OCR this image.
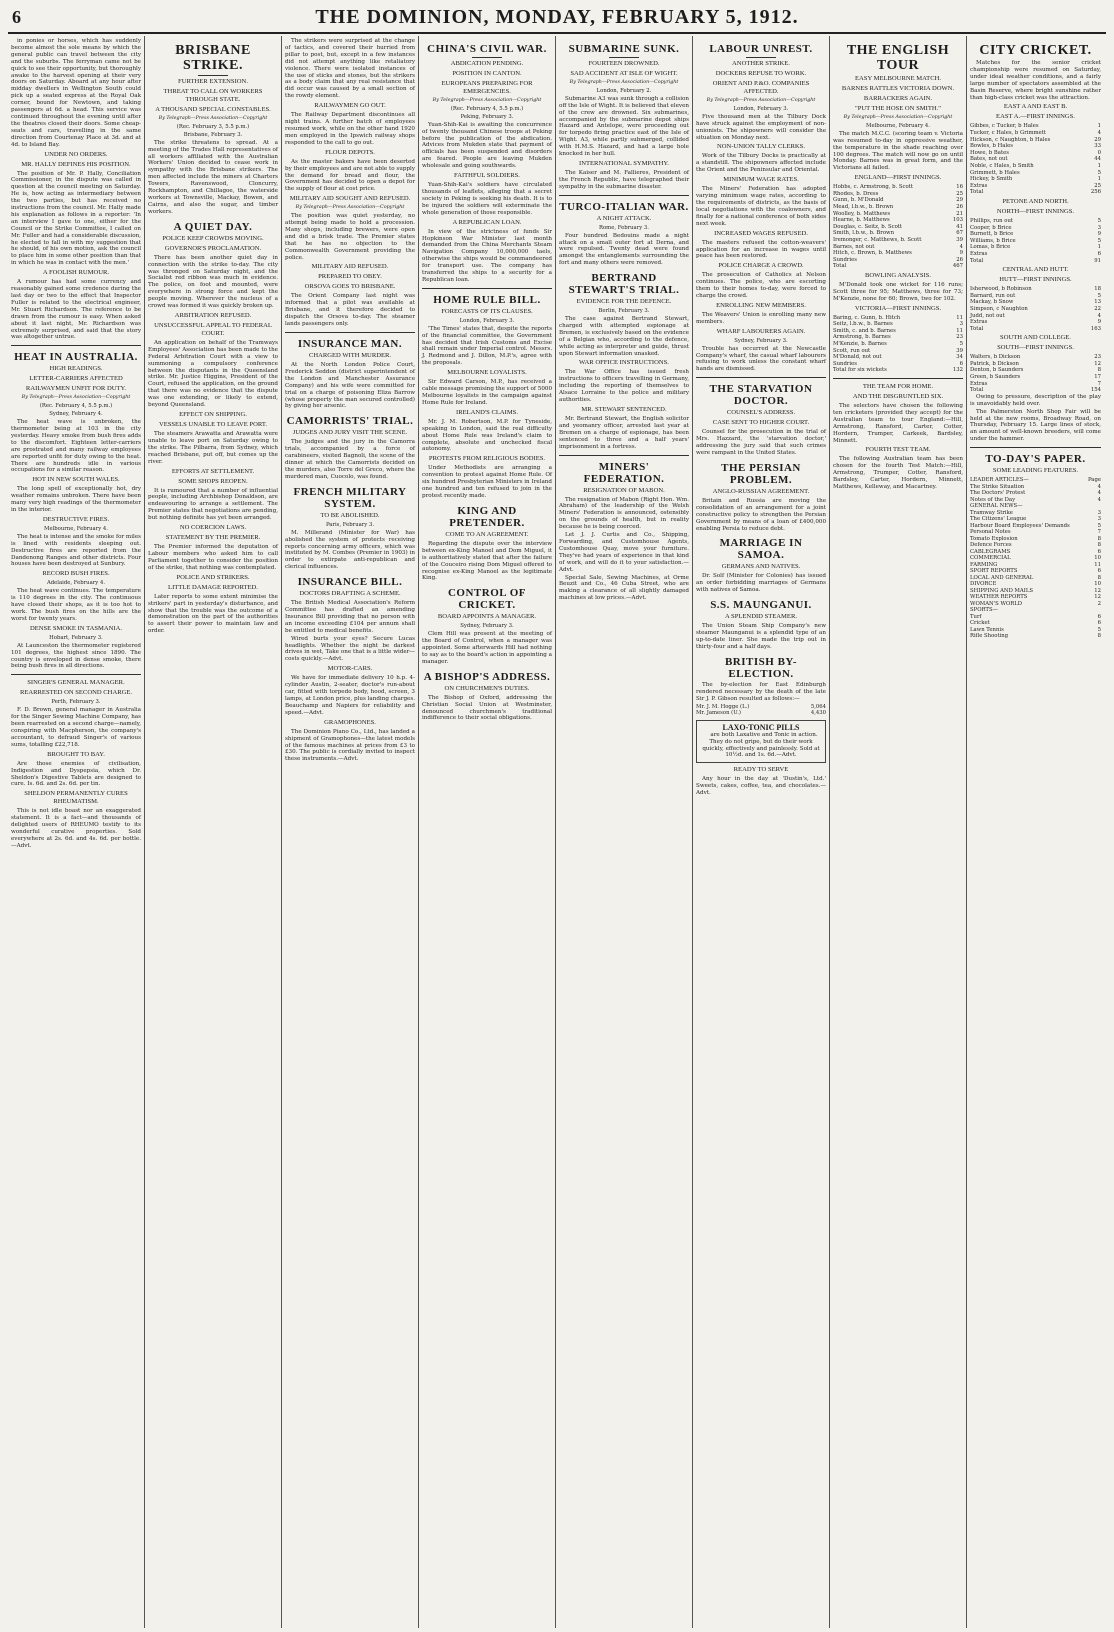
6	THE DOMINION, MONDAY, FEBRUARY 5, 1912.

in ponies or horses, which has suddenly become almost the sole means by which the general public can travel between the city and the suburbs. The ferryman came not be quick to see their opportunity, but thoroughly awake to the harvest opening at their very doors on Saturday. Aboard at any hour after midday dwellers in Wellington South could pick up a seated express at the Royal Oak corner, bound for Newtown, and taking passengers at 6d. a head. This service was continued throughout the evening until after the theatres closed their doors. Some cheap-seats and cars, travelling in the same direction from Courtenay Place at 3d. and at 4d. to Island Bay.

UNDER NO ORDERS.
MR. HALLY DEFINES HIS POSITION.

The position of Mr. P. Hally, Conciliation Commissioner, in the dispute was called in question at the council meeting on Saturday. He is, how acting as intermediary between the two parties, but has received no instructions from the council. Mr. Hally made his explanation as follows in a reporter: 'In an interview I gave to one, either for the Council or the Strike Committee, I called on Mr. Fuller and had a considerable discussion, he elected to fall in with my suggestion that he should, of his own motion, ask the council to place him in some other position than that in which he was in contact with the men.'

A FOOLISH RUMOUR.

A rumour has had some currency and reasonably gained some credence during the last day or two to the effect that Inspector Fuller is related to the electrical engineer, Mr. Stuart Richardson. The reference to be drawn from the rumour is easy. When asked about it last night, Mr. Richardson was extremely surprised, and said that the story was altogether untrue.

HEAT IN AUSTRALIA.
HIGH READINGS.
LETTER-CARRIERS AFFECTED
RAILWAYMEN UNFIT FOR DUTY.
By Telegraph—Press Association—Copyright
(Rec. February 4, 5.5 p.m.)
Sydney, February 4.

The heat wave is unbroken, the thermometer being at 103 in the city yesterday. Heavy smoke from bush fires adds to the discomfort. Eighteen letter-carriers are prostrated and many railway employees are reported unfit for duty owing to the heat. There are hundreds idle in various occupations for a similar reason.

HOT IN NEW SOUTH WALES.

The long spell of exceptionally hot, dry weather remains unbroken. There have been many very high readings of the thermometer in the interior.

DESTRUCTIVE FIRES.
Melbourne, February 4.

The heat is intense and the smoke for miles is lined with residents sleeping out. Destructive fires are reported from the Dandenong Ranges and other districts. Four houses have been destroyed at Sunbury.

RECORD BUSH FIRES.
Adelaide, February 4.

The heat wave continues. The temperature is 110 degrees in the city. The continuous have closed their shops, as it is too hot to work. The bush fires on the hills are the worst for twenty years.

DENSE SMOKE IN TASMANIA.
Hobart, February 3.

At Launceston the thermometer registered 101 degrees, the highest since 1890. The country is enveloped in dense smoke, there being bush fires in all directions.

SINGER'S GENERAL MANAGER.
REARRESTED ON SECOND CHARGE.
Perth, February 3.

F. D. Brown, general manager in Australia for the Singer Sewing Machine Company, has been rearrested on a second charge—namely, conspiring with Macpherson, the company's accountant, to defraud Singer's of various sums, totalling £22,718.

BROUGHT TO BAY.

Are those enemies of civilisation, Indigestion and Dyspepsia, which Dr. Sheldon's Digestive Tablets are designed to cure. Is. 6d. and 2s. 6d. per tin.

SHELDON PERMANENTLY CURES RHEUMATISM.

This is not idle boast nor an exaggerated statement. It is a fact—and thousands of delighted users of RHEUMO testify to its wonderful curative properties. Sold everywhere at 2s. 6d. and 4s. 6d. per bottle.—Advt.

BRISBANE STRIKE.
FURTHER EXTENSION.
THREAT TO CALL ON WORKERS THROUGH STATE.
A THOUSAND SPECIAL CONSTABLES.
By Telegraph—Press Association—Copyright
(Rec. February 3, 5.5 p.m.)
Brisbane, February 3.

The strike threatens to spread. At a meeting of the Trades Hall representatives of all workers affiliated with the Australian Workers' Union decided to cease work in sympathy with the Brisbane strikers. The men affected include the miners at Charters Towers, Ravenswood, Cloncurry, Rockhampton, and Chillagoe, the waterside workers at Townsville, Mackay, Bowen, and Cairns, and also the sugar, and timber workers.

A QUIET DAY.
POLICE KEEP CROWDS MOVING.
GOVERNOR'S PROCLAMATION.

There has been another quiet day in connection with the strike to-day. The city was thronged on Saturday night, and the Socialist red ribbon was much in evidence. The police, on foot and mounted, were everywhere in strong force and kept the people moving. Wherever the nucleus of a crowd was formed it was quickly broken up.

ARBITRATION REFUSED.
UNSUCCESSFUL APPEAL TO FEDERAL COURT.

An application on behalf of the Tramways Employees' Association has been made to the Federal Arbitration Court with a view to summoning a compulsory conference between the disputants in the Queensland strike. Mr. Justice Higgins, President of the Court, refused the application, on the ground that there was no evidence that the dispute was one extending, or likely to extend, beyond Queensland.

EFFECT ON SHIPPING.
VESSELS UNABLE TO LEAVE PORT.

The steamers Arawatta and Arawatta were unable to leave port on Saturday owing to the strike. The Pilbarra, from Sydney, which reached Brisbane, put off, but comes up the river.

EFFORTS AT SETTLEMENT.
SOME SHOPS REOPEN.

It is rumoured that a number of influential people, including Archbishop Donaldson, are endeavouring to arrange a settlement. The Premier states that negotiations are pending, but nothing definite has yet been arranged.

NO COERCION LAWS.
STATEMENT BY THE PREMIER.

The Premier informed the deputation of Labour members who asked him to call Parliament together to consider the position of the strike, that nothing was contemplated.

POLICE AND STRIKERS.
LITTLE DAMAGE REPORTED.

Later reports to some extent minimise the strikers' part in yesterday's disturbance, and show that the trouble was the outcome of a demonstration on the part of the authorities to assert their power to maintain law and order.

The strikers were surprised at the change of tactics, and covered their hurried from pillar to post, but, except in a few instances did not attempt anything like retaliatory violence. There were isolated instances of the use of sticks and stones, but the strikers as a body claim that any real resistance that did occur was caused by a small section of the rowdy element.

RAILWAYMEN GO OUT.

The Railway Department discontinues all night trains. A further batch of employees resumed work, while on the other hand 1920 men employed in the Ipswich railway shops responded to the call to go out.

FLOUR DEPOTS.

As the master bakers have been deserted by their employees and are not able to supply the demand for bread and flour, the Government has decided to open a depot for the supply of flour at cost price.

MILITARY AID SOUGHT AND REFUSED.
By Telegraph—Press Association—Copyright

The position was quiet yesterday, no attempt being made to hold a procession. Many shops, including brewers, were open and did a brisk trade. The Premier states that he has no objection to the Commonwealth Government providing the police.

MILITARY AID REFUSED.
PREPARED TO OBEY.
ORSOVA GOES TO BRISBANE.

The Orient Company last night was informed that a pilot was available at Brisbane, and it therefore decided to dispatch the Orsova to-day. The steamer lands passengers only.

INSURANCE MAN.
CHARGED WITH MURDER.

At the North London Police Court, Frederick Seddon (district superintendent of the London and Manchester Assurance Company) and his wife were committed for trial on a charge of poisoning Eliza Barrow (whose property the man secured controlled) by giving her arsenic.

CAMORRISTS' TRIAL.
JUDGES AND JURY VISIT THE SCENE.

The judges and the jury in the Camorra trials, accompanied by a force of carabineers, visited Bagnoli, the scene of the dinner at which the Camorrists decided on the murders, also Torre del Greco, where the murdered man, Cuocolo, was found.

FRENCH MILITARY SYSTEM.
TO BE ABOLISHED.
Paris, February 3.

M. Millerand (Minister for War) has abolished the system of protects receiving reports concerning army officers, which was instituted by M. Combes (Premier in 1903) in order to extirpate anti-republican and clerical influences.

INSURANCE BILL.
DOCTORS DRAFTING A SCHEME.

The British Medical Association's Reform Committee has drafted an amending Insurance Bill providing that no person with an income exceeding £104 per annum shall be entitled to medical benefits.

Wired burts your eyes? Secure Lucas headlights. Whether the night be darkest drives in wet, Take one that is a little wider—costs quickly.—Advt.

MOTOR-CARS.

We have for immediate delivery 10 h.p. 4-cylinder Austin, 2-seater, doctor's run-about car, fitted with torpedo body, hood, screen, 3 lamps, at London price, plus landing charges. Beauchamp and Napiers for reliability and speed.—Advt.

GRAMOPHONES.

The Dominion Piano Co., Ltd., has landed a shipment of Gramophones—the latest models of the famous machines at prices from £3 to £30. The public is cordially invited to inspect these instruments.—Advt.

CHINA'S CIVIL WAR.
ABDICATION PENDING.
POSITION IN CANTON.
EUROPEANS PREPARING FOR EMERGENCIES.
By Telegraph—Press Association—Copyright
(Rec. February 4, 5.5 p.m.)
Peking, February 3.

Yuan-Shih-Kai is awaiting the concurrence of twenty thousand Chinese troops at Peking before the publication of the abdication. Advices from Mukden state that payment of officials has been suspended and disorders are feared. People are leaving Mukden wholesale and going southwards.

FAITHFUL SOLDIERS.

Yuan-Shih-Kai's soldiers have circulated thousands of leaflets, alleging that a secret society in Peking is seeking his death. It is to be injured the soldiers will exterminate the whole generation of those responsible.

A REPUBLICAN LOAN.

In view of the strictness of funds Sir Hopkinson War Minister last month demanded from the China Merchants Steam Navigation Company 10,000,000 taels, otherwise the ships would be commandeered for transport use. The company has transferred the ships to a security for a Republican loan.

HOME RULE BILL.
FORECASTS OF ITS CLAUSES.
London, February 3.

'The Times' states that, despite the reports of the financial committee, the Government has decided that Irish Customs and Excise shall remain under Imperial control. Messrs. J. Redmond and J. Dillon, M.P.'s, agree with the proposals.

MELBOURNE LOYALISTS.

Sir Edward Carson, M.P., has received a cable message promising the support of 5000 Melbourne loyalists in the campaign against Home Rule for Ireland.

IRELAND'S CLAIMS.

Mr. J. M. Robertson, M.P. for Tyneside, speaking in London, said the real difficulty about Home Rule was Ireland's claim to complete, absolute and unchecked fiscal autonomy.

PROTESTS FROM RELIGIOUS BODIES.

Under Methodists are arranging a convention to protest against Home Rule. Of six hundred Presbyterian Ministers in Ireland one hundred and ten refused to join in the protest recently made.

KING AND PRETENDER.
COME TO AN AGREEMENT.

Regarding the dispute over the interview between ex-King Manoel and Dom Miguel, it is authoritatively stated that after the failure of the Couceiro rising Dom Miguel offered to recognise ex-King Manoel as the legitimate King.

CONTROL OF CRICKET.
BOARD APPOINTS A MANAGER.
Sydney, February 3.

Clem Hill was present at the meeting of the Board of Control, when a manager was appointed. Some afterwards Hill had nothing to say as to the board's action in appointing a manager.

A BISHOP'S ADDRESS.
ON CHURCHMEN'S DUTIES.

The Bishop of Oxford, addressing the Christian Social Union at Westminster, denounced churchmen's traditional indifference to their social obligations.

SUBMARINE SUNK.
FOURTEEN DROWNED.
SAD ACCIDENT AT ISLE OF WIGHT.
By Telegraph—Press Association—Copyright
London, February 2.

Submarine A3 was sunk through a collision off the Isle of Wight. It is believed that eleven of the crew are drowned. Six submarines, accompanied by the submarine depot ships Hazard and Antelope, were proceeding out for torpedo firing practice east of the Isle of Wight. A3, while partly submerged, collided with H.M.S. Hazard, and had a large hole knocked in her hull.

INTERNATIONAL SYMPATHY.

The Kaiser and M. Fallieres, President of the French Republic, have telegraphed their sympathy in the submarine disaster.

TURCO-ITALIAN WAR.
A NIGHT ATTACK.
Rome, February 3.

Four hundred Bedouins made a night attack on a small outer fort at Derna, and were repulsed. Twenty dead were found amongst the entanglements surrounding the fort and many others were removed.

BERTRAND STEWART'S TRIAL.
EVIDENCE FOR THE DEFENCE.
Berlin, February 3.

The case against Bertrand Stewart, charged with attempted espionage at Bremen, is exclusively based on the evidence of a Belgian who, according to the defence, while acting as interpreter and guide, thrust upon Stewart information unasked.

WAR OFFICE INSTRUCTIONS.

The War Office has issued fresh instructions to officers travelling in Germany, including the reporting of themselves to Alsace Lorraine to the police and military authorities.

MR. STEWART SENTENCED.

Mr. Bertrand Stewart, the English solicitor and yeomanry officer, arrested last year at Bremen on a charge of espionage, has been sentenced to three and a half years' imprisonment in a fortress.

MINERS' FEDERATION.
RESIGNATION OF MABON.

The resignation of Mabon (Right Hon. Wm. Abraham) of the leadership of the Welsh Miners' Federation is announced, ostensibly on the grounds of health, but in reality because he is being coerced.

Let J. J. Curtis and Co., Shipping, Forwarding, and Customhouse Agents, Customhouse Quay, move your furniture. They've had years of experience in that kind of work, and will do it to your satisfaction.—Advt.

Special Sale, Sewing Machines, at Orme Beuzit and Co., 46 Cuba Street, who are making a clearance of all slightly damaged machines at low prices.—Advt.

LABOUR UNREST.
ANOTHER STRIKE.
DOCKERS REFUSE TO WORK.
ORIENT AND P.&O. COMPANIES AFFECTED.
By Telegraph—Press Association—Copyright
London, February 3.

Five thousand men at the Tilbury Dock have struck against the employment of non-unionists. The shipowners will consider the situation on Monday next.

NON-UNION TALLY CLERKS.

Work of the Tilbury Docks is practically at a standstill. The shipowners affected include the Orient and the Peninsular and Oriental.

MINIMUM WAGE RATES.

The Miners' Federation has adopted varying minimum wage rates, according to the requirements of districts, as the basis of local negotiations with the coalowners, and finally for a national conference of both sides next week.

INCREASED WAGES REFUSED.

The masters refused the cotton-weavers' application for an increase in wages until peace has been restored.

POLICE CHARGE A CROWD.

The prosecution of Catholics at Nelson continues. The police, who are escorting them to their homes to-day, were forced to charge the crowd.

ENROLLING NEW MEMBERS.

The Weavers' Union is enrolling many new members.

WHARF LABOURERS AGAIN.
Sydney, February 3.

Trouble has occurred at the Newcastle Company's wharf, the casual wharf labourers refusing to work unless the constant wharf hands are dismissed.

THE STARVATION DOCTOR.
COUNSEL'S ADDRESS.
CASE SENT TO HIGHER COURT.

Counsel for the prosecution in the trial of Mrs. Hazzard, the 'starvation doctor,' addressing the jury said that such crimes were rampant in the United States.

THE PERSIAN PROBLEM.
ANGLO-RUSSIAN AGREEMENT.

Britain and Russia are moving the consolidation of an arrangement for a joint constructive policy to strengthen the Persian Government by means of a loan of £400,000 enabling Persia to reduce debt.

MARRIAGE IN SAMOA.
GERMANS AND NATIVES.

Dr. Solf (Minister for Colonies) has issued an order forbidding marriages of Germans with natives of Samoa.

S.S. MAUNGANUI.
A SPLENDID STEAMER.

The Union Steam Ship Company's new steamer Maunganui is a splendid type of an up-to-date liner. She made the trip out in thirty-four and a half days.

BRITISH BY-ELECTION.

The by-election for East Edinburgh rendered necessary by the death of the late Sir J. P. Gibson resulted as follows:—

Mr. J. M. Hogge (L.)	5,064
Mr. Jameson (U.)	4,430
LAXO-TONIC PILLS

are both Laxative and Tonic in action. They do not gripe, but do their work quickly, effectively and painlessly. Sold at 10½d. and 1s. 6d.—Advt.

READY TO SERVE

Any hour in the day at 'Dustin's, Ltd.' Sweets, cakes, coffee, tea, and chocolates.—Advt.

THE ENGLISH TOUR
EASY MELBOURNE MATCH.
BARNES RATTLES VICTORIA DOWN.
BARRACKERS AGAIN.
"PUT THE HOSE ON SMITH."
By Telegraph—Press Association—Copyright
Melbourne, February 4.

The match M.C.C. (scoring team v. Victoria was resumed to-day in oppressive weather, the temperature in the shade reaching over 100 degrees. The match will now go on until Monday. Barnes was in great form, and the Victorians all failed.

ENGLAND—FIRST INNINGS.
Hobbs, c. Armstrong, b. Scott	16
Rhodes, b. Dress	25
Gunn, b. M'Donald	29
Mead, l.b.w., b. Brown	26
Woolley, b. Matthews	21
Hearne, b. Matthews	103
Douglas, c. Seitz, b. Scott	41
Smith, l.b.w., b. Brown	67
Iremonger, c. Matthews, b. Scott	39
Barnes, not out	4
Hitch, c. Brown, b. Matthews	9
Sundries	26
Total	467
BOWLING ANALYSIS.

M'Donald took one wicket for 116 runs; Scott three for 95; Matthews, three for 73; M'Kenzie, none for 60; Brown, two for 102.

VICTORIA—FIRST INNINGS.
Baring, c. Gunn, b. Hitch	11
Seitz, l.b.w., b. Barnes	3
Smith, c. and b. Barnes	11
Armstrong, b. Barnes	23
M'Kenzie, b. Barnes	5
Scott, run out	39
M'Donald, not out	34
Sundries	6
Total for six wickets	132
THE TEAM FOR HOME.
AND THE DISGRUNTLED SIX.

The selectors have chosen the following ten cricketers (provided they accept) for the Australian team to tour England:—Hill, Armstrong, Ransford, Carter, Cotter, Hordern, Trumper, Carkeek, Bardsley, Minnett.

FOURTH TEST TEAM.

The following Australian team has been chosen for the fourth Test Match:—Hill, Armstrong, Trumper, Cotter, Ransford, Bardsley, Carter, Hordern, Minnett, Matthews, Kelleway, and Macartney.

CITY CRICKET.

Matches for the senior cricket championship were resumed on Saturday, under ideal weather conditions, and a fairly large number of spectators assembled at the Basin Reserve, where bright sunshine rather than high-class cricket was the attraction.

EAST A AND EAST B.
EAST A.—FIRST INNINGS.
Gibbes, c Tucker, b Hales	1
Tucker, c Hales, b Grimmett	4
Hickson, c Naughton, b Hales	29
Bowles, b Hales	33
Howe, b Bates	0
Bates, not out	44
Noble, c Hales, b Smith	1
Grimmett, b Hales	5
Hickey, b Smith	1
Extras	25
Total	256
PETONE AND NORTH.
NORTH—FIRST INNINGS.
Phillips, run out	5
Cooper, b Brice	3
Burnett, b Brice	9
Williams, b Brice	5
Lomas, b Brice	1
Extras	6
Total	91
CENTRAL AND HUTT.
HUTT—FIRST INNINGS.
Isherwood, b Robinson	18
Barnard, run out	5
Mackay, b Snow	13
Simpson, c Naughton	22
Judd, not out	4
Extras	9
Total	163
SOUTH AND COLLEGE.
SOUTH—FIRST INNINGS.
Walters, b Dickson	23
Patrick, b Dickson	12
Denton, b Saunders	8
Green, b Saunders	17
Extras	7
Total	154

Owing to pressure, description of the play is unavoidably held over.

The Palmerston North Shop Fair will be held at the new rooms, Broadway Road, on Thursday, February 15. Large lines of stock, an amount of well-known breeders, will come under the hammer.

TO-DAY'S PAPER.
SOME LEADING FEATURES.
LEADER ARTICLES—	Page
The Strike Situation	4
The Doctors' Protest	4
Notes of the Day	4
GENERAL NEWS—
Tramway Strike	3
The Citizens' League	3
Harbour Board Employees' Demands	5
Personal Notes	7
Tomato Explosion	8
Defence Forces	8
CABLEGRAMS	6
COMMERCIAL	10
FARMING	11
SPORT REPORTS	6
LOCAL AND GENERAL	8
DIVORCE	10
SHIPPING AND MAILS	12
WEATHER REPORTS	12
WOMAN'S WORLD	2
SPORTS—
Turf	6
Cricket	6
Lawn Tennis	5
Rifle Shooting	8
